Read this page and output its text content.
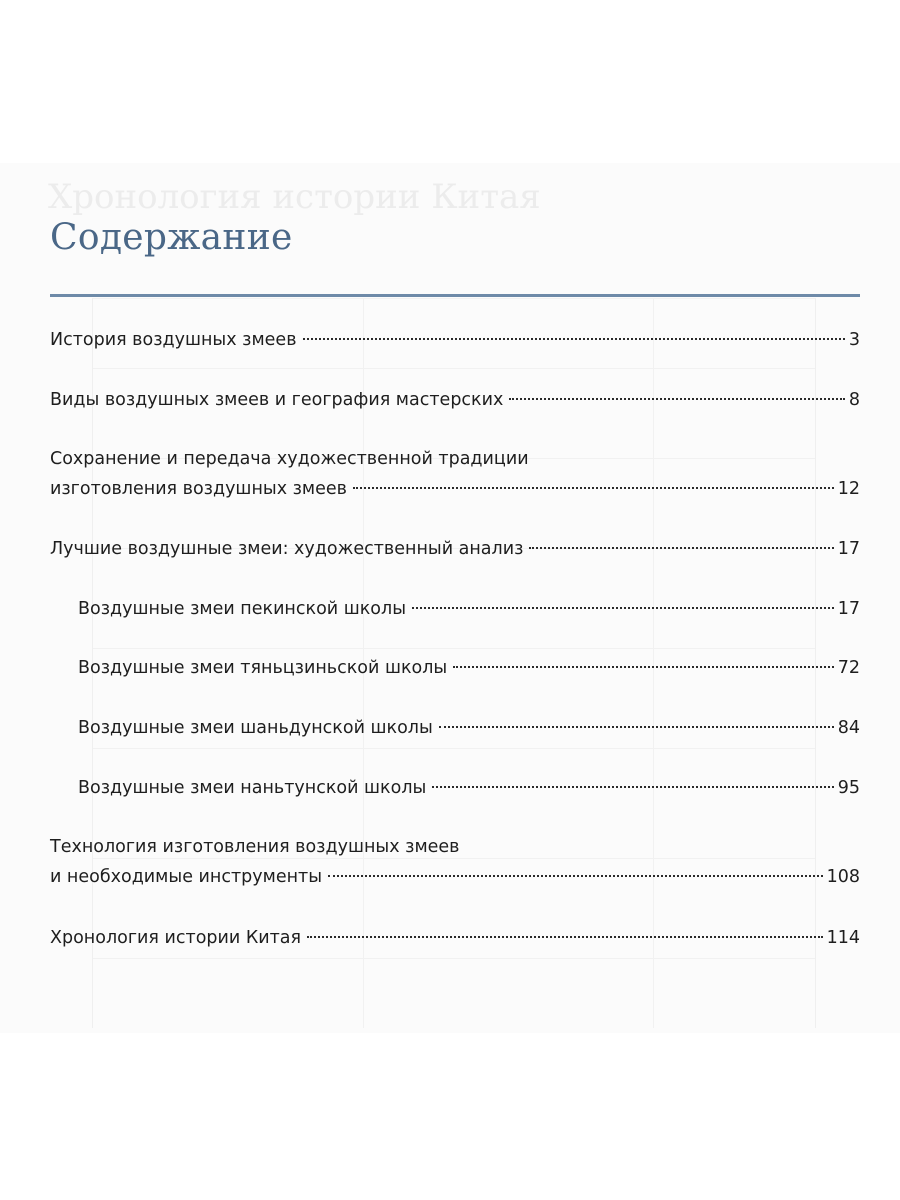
Хронология истории Китая
Содержание
История воздушных змеев	3
Виды воздушных змеев и география мастерских	8
Сохранение и передача художественной традиции
изготовления воздушных змеев	12
Лучшие воздушные змеи: художественный анализ	17
Воздушные змеи пекинской школы	17
Воздушные змеи тяньцзиньской школы	72
Воздушные змеи шаньдунской школы	84
Воздушные змеи наньтунской школы	95
Технология изготовления воздушных змеев
и необходимые инструменты	108
Хронология истории Китая	114
